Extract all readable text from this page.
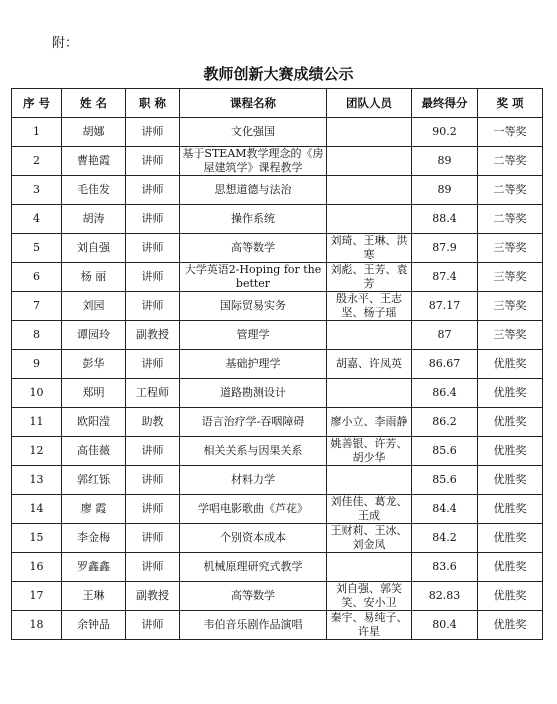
附：
教师创新大赛成绩公示
序 号	姓 名	职 称	课程名称	团队人员	最终得分	奖 项
1	胡娜	讲师	文化强国		90.2	一等奖
2	曹艳霞	讲师	基于STEAM教学理念的《房屋建筑学》课程教学		89	二等奖
3	毛佳发	讲师	思想道德与法治		89	二等奖
4	胡涛	讲师	操作系统		88.4	二等奖
5	刘自强	讲师	高等数学	刘琦、王琳、洪寒	87.9	三等奖
6	杨 丽	讲师	大学英语2-Hoping for the better	刘彪、王芳、袁芳	87.4	三等奖
7	刘园	讲师	国际贸易实务	殷永平、王志坚、杨子瑶	87.17	三等奖
8	谭园玲	副教授	管理学		87	三等奖
9	彭华	讲师	基础护理学	胡嘉、许凤英	86.67	优胜奖
10	郑明	工程师	道路勘测设计		86.4	优胜奖
11	欧阳滢	助教	语言治疗学-吞咽障碍	廖小立、李雨静	86.2	优胜奖
12	高佳薇	讲师	相关关系与因果关系	姚善银、许芳、胡少华	85.6	优胜奖
13	郭红铄	讲师	材料力学		85.6	优胜奖
14	廖 霞	讲师	学唱电影歌曲《芦花》	刘佳佳、葛龙、王成	84.4	优胜奖
15	李金梅	讲师	个别资本成本	王财莉、王冰、刘金凤	84.2	优胜奖
16	罗鑫鑫	讲师	机械原理研究式教学		83.6	优胜奖
17	王琳	副教授	高等数学	刘自强、郭笑笑、安小卫	82.83	优胜奖
18	余钟品	讲师	韦伯音乐剧作品演唱	秦宇、易纯子、许星	80.4	优胜奖
